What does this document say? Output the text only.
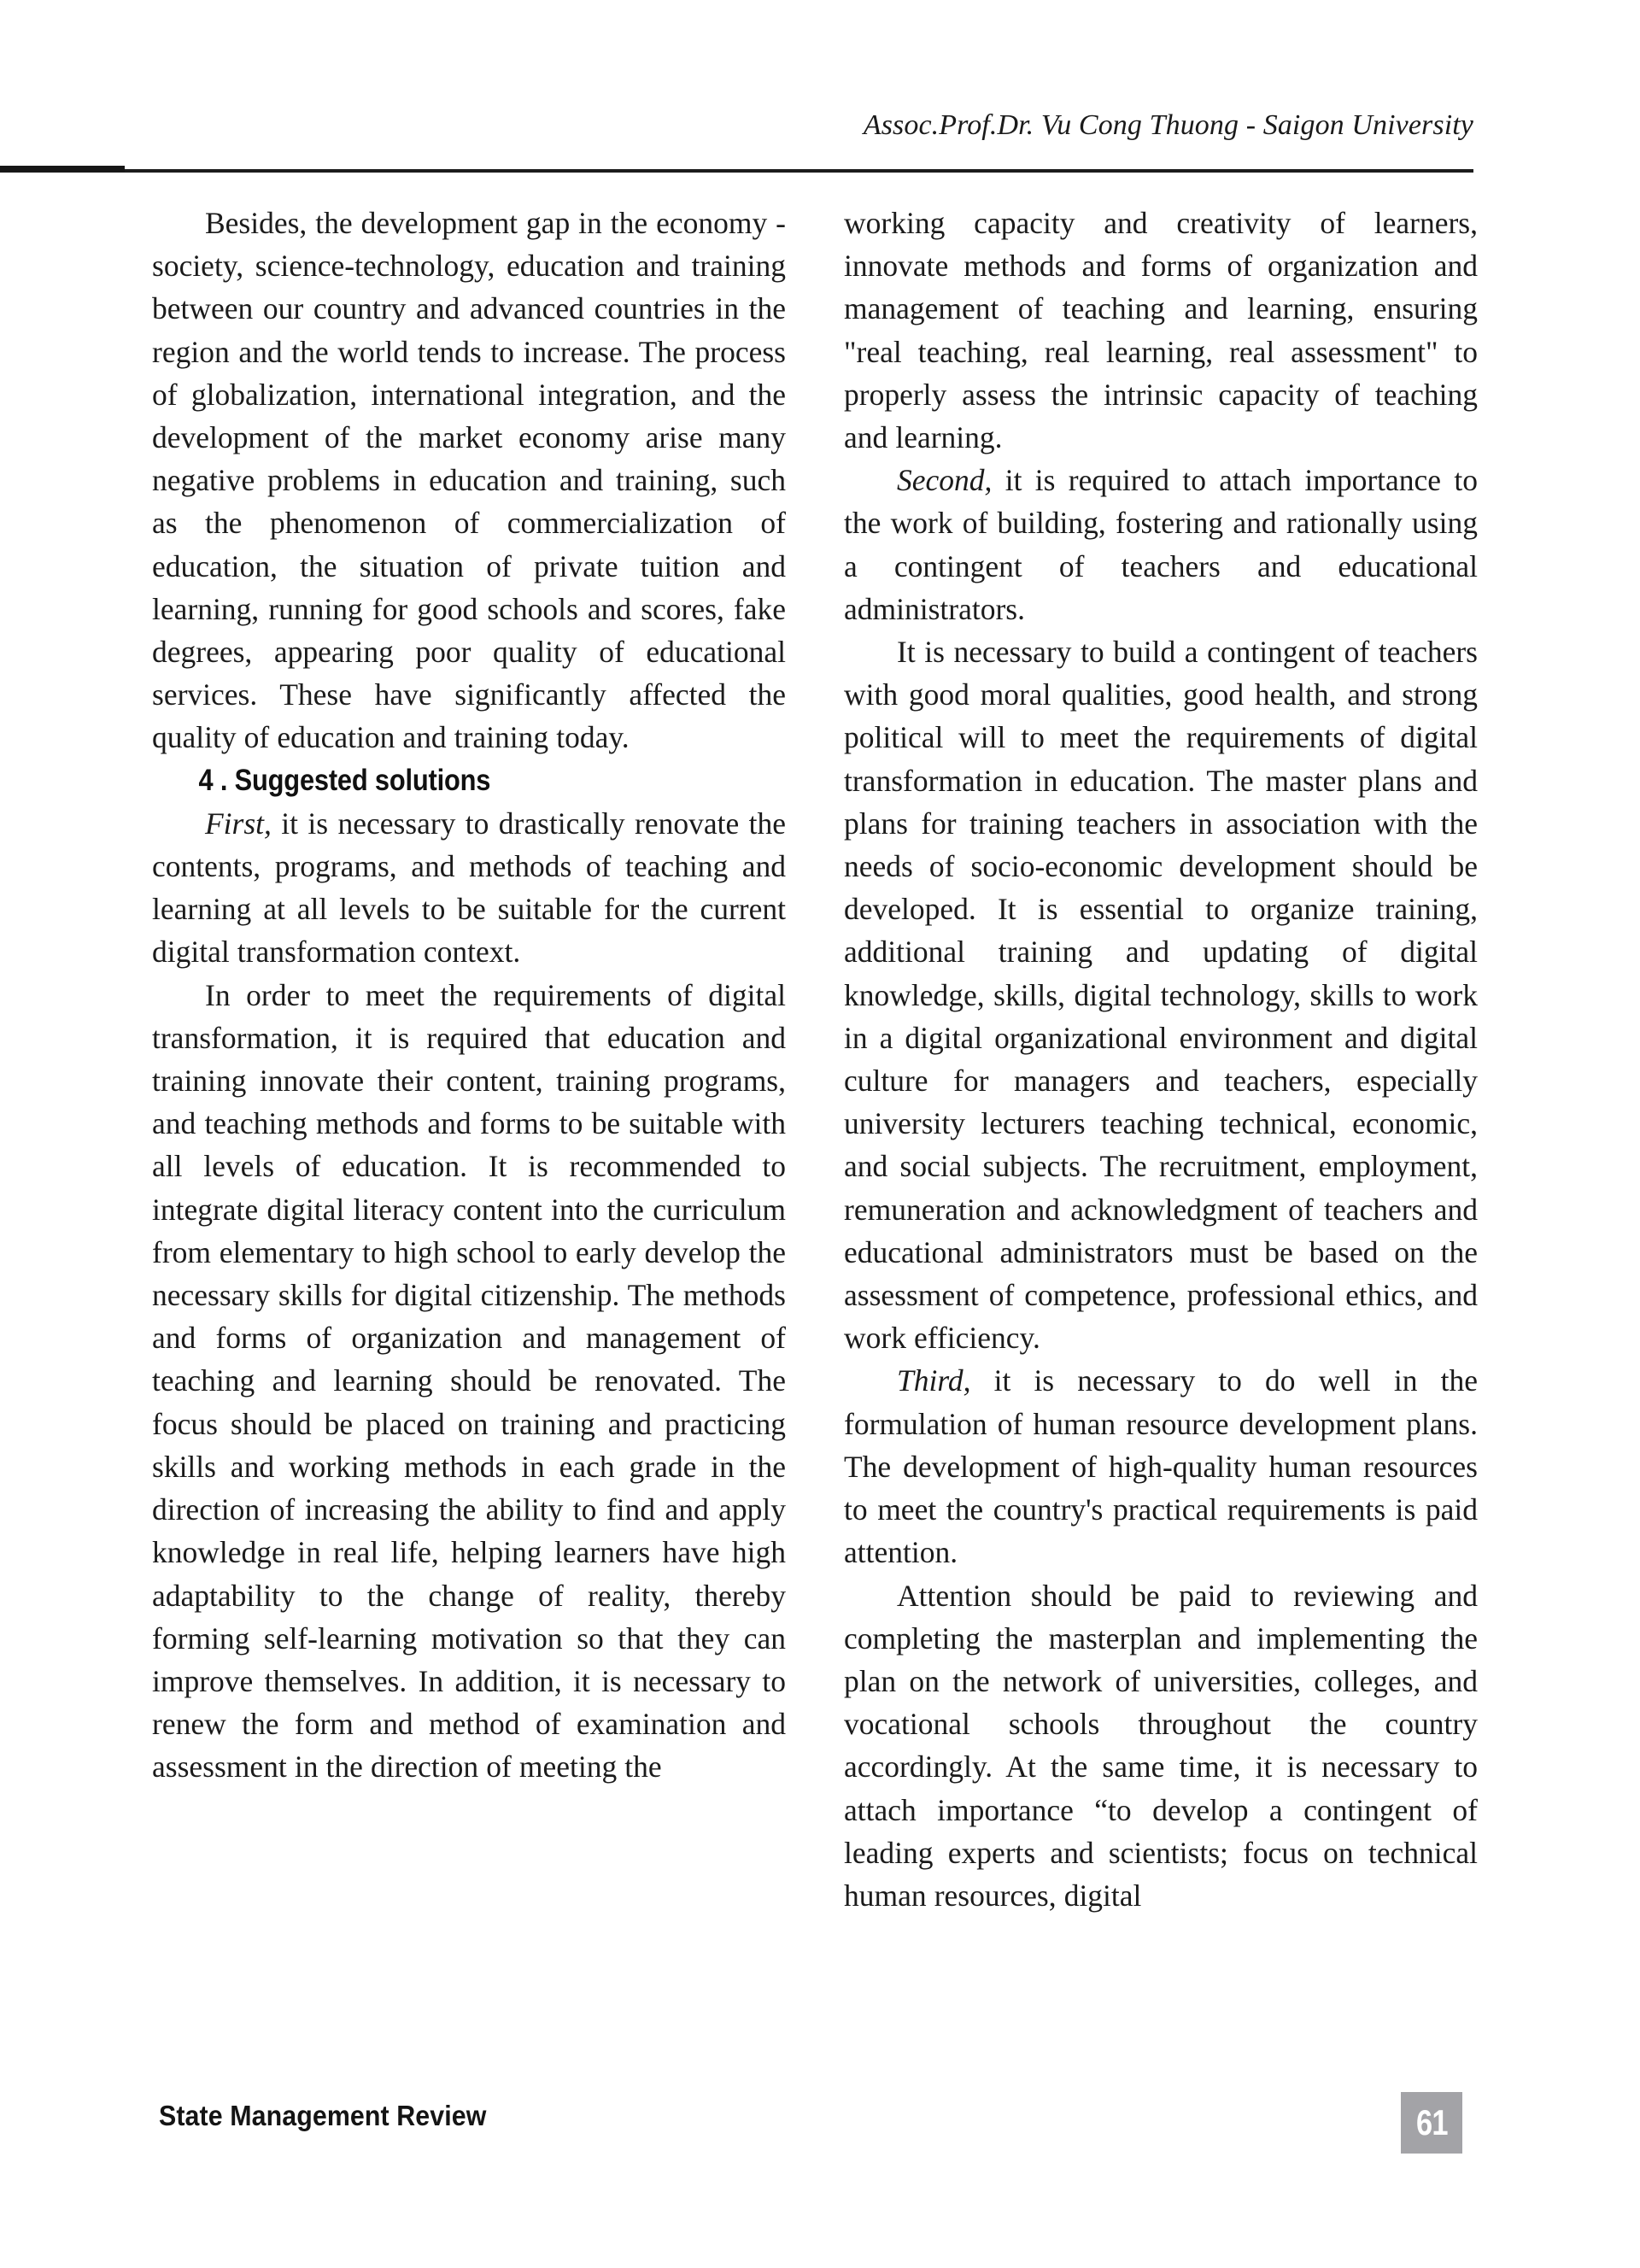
Assoc.Prof.Dr. Vu Cong Thuong - Saigon University

Besides, the development gap in the economy - society, science-technology, education and training between our country and advanced countries in the region and the world tends to increase. The process of globalization, international integration, and the development of the market economy arise many negative problems in education and training, such as the phenomenon of commercialization of education, the situation of private tuition and learning, running for good schools and scores, fake degrees, appearing poor quality of educational services. These have significantly affected the quality of education and training today.

4 . Suggested solutions

First, it is necessary to drastically renovate the contents, programs, and methods of teaching and learning at all levels to be suitable for the current digital transformation context.

In order to meet the requirements of digital transformation, it is required that education and training innovate their content, training programs, and teaching methods and forms to be suitable with all levels of education. It is recommended to integrate digital literacy content into the curriculum from elementary to high school to early develop the necessary skills for digital citizenship. The methods and forms of organization and management of teaching and learning should be renovated. The focus should be placed on training and practicing skills and working methods in each grade in the direction of increasing the ability to find and apply knowledge in real life, helping learners have high adaptability to the change of reality, thereby forming self-learning motivation so that they can improve themselves. In addition, it is necessary to renew the form and method of examination and assessment in the direction of meeting the

working capacity and creativity of learners, innovate methods and forms of organization and management of teaching and learning, ensuring "real teaching, real learning, real assessment" to properly assess the intrinsic capacity of teaching and learning.

Second, it is required to attach importance to the work of building, fostering and rationally using a contingent of teachers and educational administrators.

It is necessary to build a contingent of teachers with good moral qualities, good health, and strong political will to meet the requirements of digital transformation in education. The master plans and plans for training teachers in association with the needs of socio-economic development should be developed. It is essential to organize training, additional training and updating of digital knowledge, skills, digital technology, skills to work in a digital organizational environment and digital culture for managers and teachers, especially university lecturers teaching technical, economic, and social subjects. The recruitment, employment, remuneration and acknowledgment of teachers and educational administrators must be based on the assessment of competence, professional ethics, and work efficiency.

Third, it is necessary to do well in the formulation of human resource development plans. The development of high-quality human resources to meet the country's practical requirements is paid attention.

Attention should be paid to reviewing and completing the masterplan and implementing the plan on the network of universities, colleges, and vocational schools throughout the country accordingly. At the same time, it is necessary to attach importance “to develop a contingent of leading experts and scientists; focus on technical human resources, digital

State Management Review	61
